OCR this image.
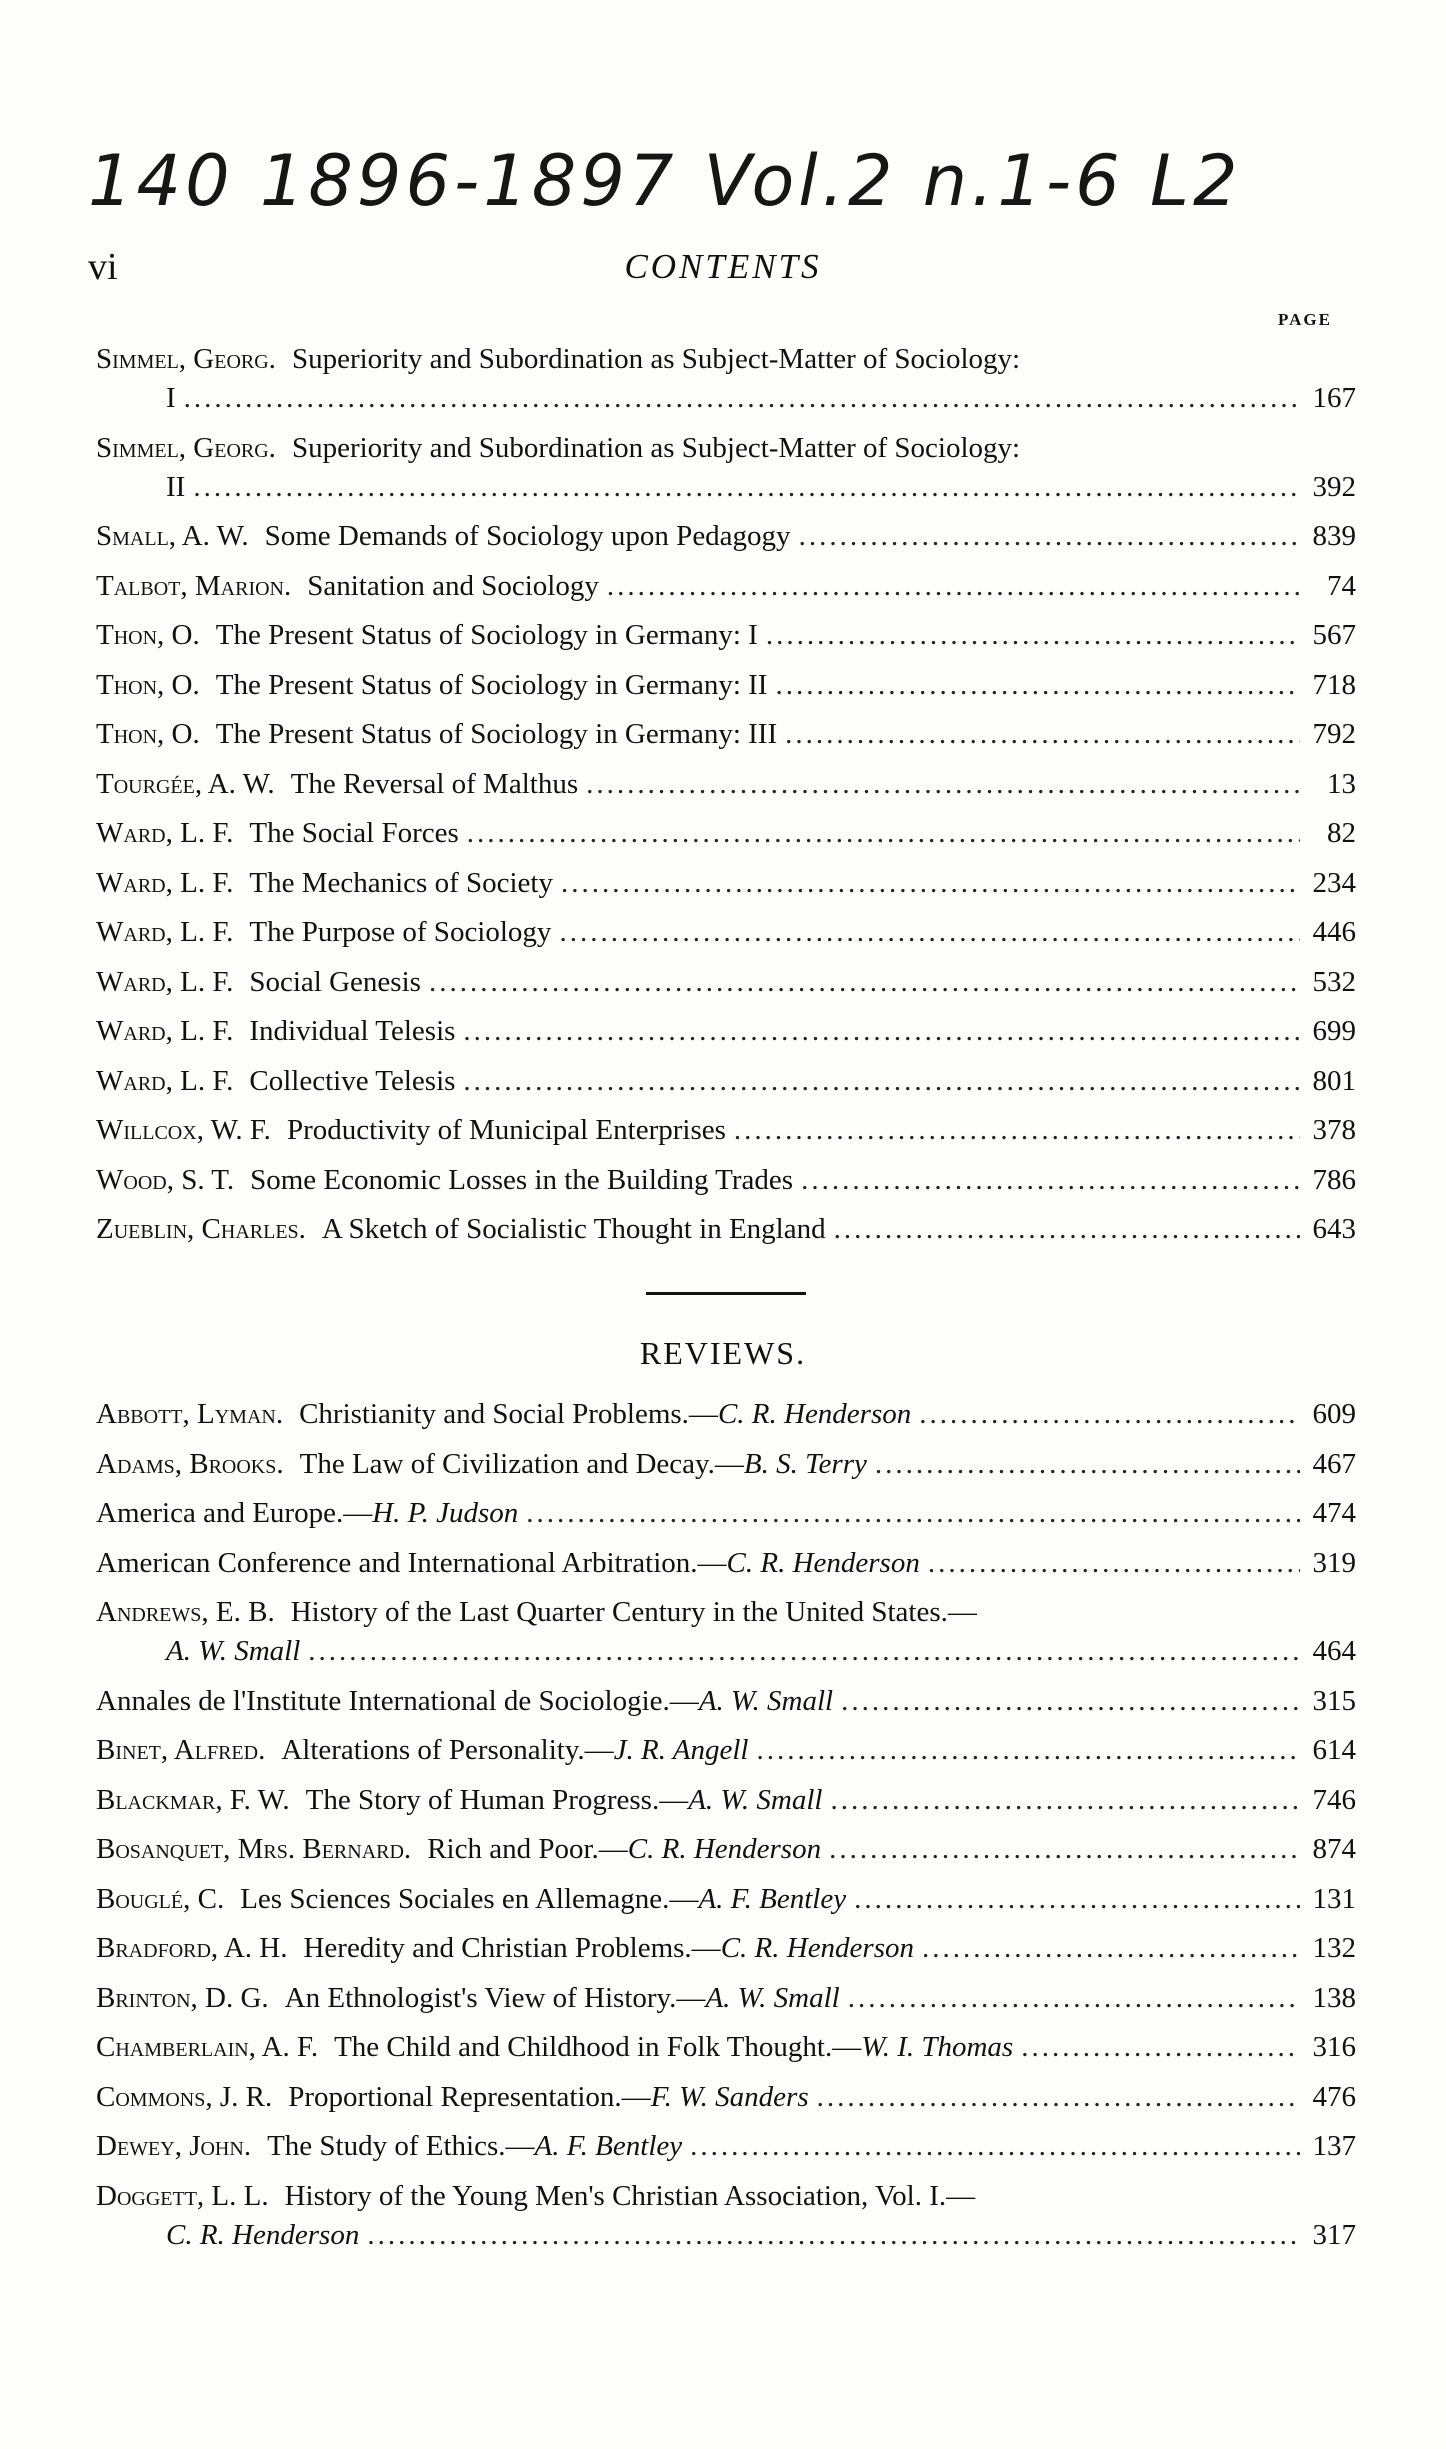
140 1896-1897 Vol.2 n.1-6 L2
vi	CONTENTS
PAGE
Simmel, Georg. Superiority and Subordination as Subject-Matter of Sociology:
I .....	167
Simmel, Georg. Superiority and Subordination as Subject-Matter of Sociology:
II .....	392
Small, A. W. Some Demands of Sociology upon Pedagogy .....	839
Talbot, Marion. Sanitation and Sociology .....	74
Thon, O. The Present Status of Sociology in Germany: I .....	567
Thon, O. The Present Status of Sociology in Germany: II .....	718
Thon, O. The Present Status of Sociology in Germany: III .....	792
Tourgée, A. W. The Reversal of Malthus .....	13
Ward, L. F. The Social Forces .....	82
Ward, L. F. The Mechanics of Society .....	234
Ward, L. F. The Purpose of Sociology .....	446
Ward, L. F. Social Genesis .....	532
Ward, L. F. Individual Telesis .....	699
Ward, L. F. Collective Telesis .....	801
Willcox, W. F. Productivity of Municipal Enterprises .....	378
Wood, S. T. Some Economic Losses in the Building Trades .....	786
Zueblin, Charles. A Sketch of Socialistic Thought in England .....	643
REVIEWS.
Abbott, Lyman. Christianity and Social Problems.— C. R. Henderson .....	609
Adams, Brooks. The Law of Civilization and Decay.— B. S. Terry .....	467
America and Europe.— H. P. Judson .....	474
American Conference and International Arbitration.— C. R. Henderson .....	319
Andrews, E. B. History of the Last Quarter Century in the United States.—
A. W. Small .....	464
Annales de l'Institute International de Sociologie.— A. W. Small .....	315
Binet, Alfred. Alterations of Personality.— J. R. Angell .....	614
Blackmar, F. W. The Story of Human Progress.— A. W. Small .....	746
Bosanquet, Mrs. Bernard. Rich and Poor.— C. R. Henderson .....	874
Bouglé, C. Les Sciences Sociales en Allemagne.— A. F. Bentley .....	131
Bradford, A. H. Heredity and Christian Problems.— C. R. Henderson .....	132
Brinton, D. G. An Ethnologist's View of History.— A. W. Small .....	138
Chamberlain, A. F. The Child and Childhood in Folk Thought.— W. I. Thomas .....	316
Commons, J. R. Proportional Representation.— F. W. Sanders .....	476
Dewey, John. The Study of Ethics.— A. F. Bentley .....	137
Doggett, L. L. History of the Young Men's Christian Association, Vol. I.—
C. R. Henderson .....	317
